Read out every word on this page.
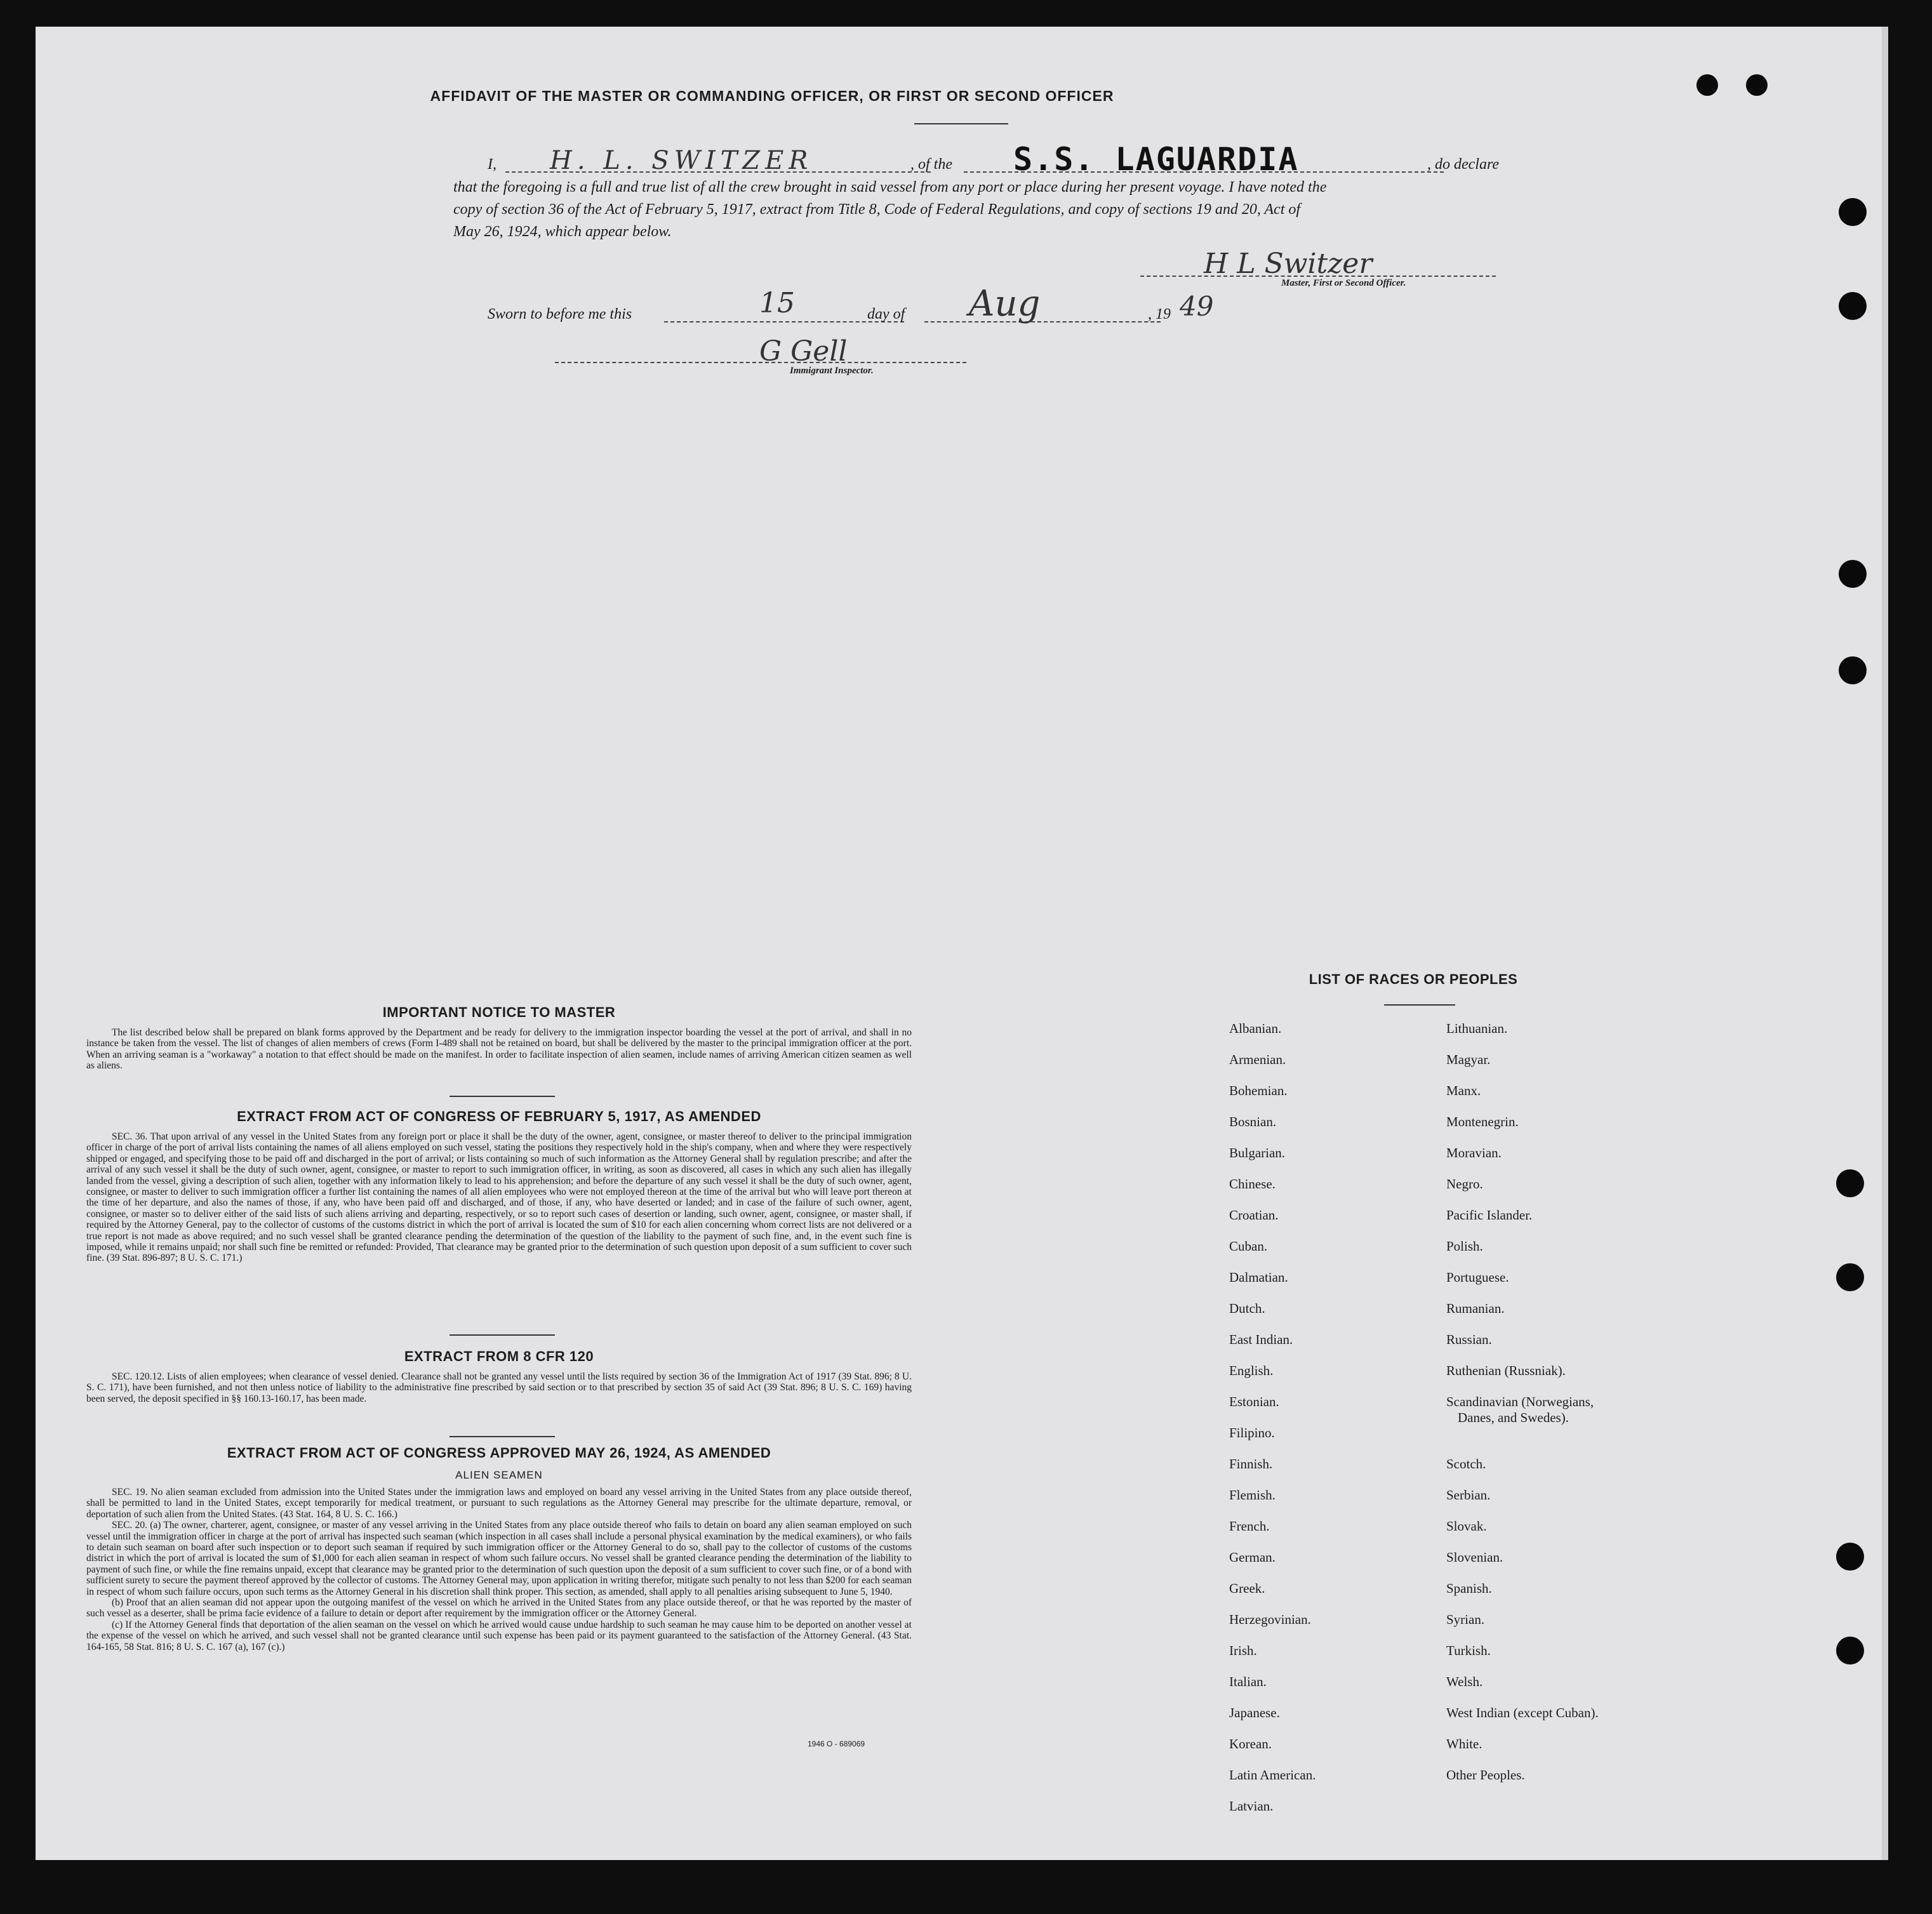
AFFIDAVIT OF THE MASTER OR COMMANDING OFFICER, OR FIRST OR SECOND OFFICER
I, H. L. SWITZER	, of the S.S. LAGUARDIA	, do declare
that the foregoing is a full and true list of all the crew brought in said vessel from any port or place during her present voyage. I have noted the
copy of section 36 of the Act of February 5, 1917, extract from Title 8, Code of Federal Regulations, and copy of sections 19 and 20, Act of
May 26, 1924, which appear below.
H L Switzer
Master, First or Second Officer.
Sworn to before me this	15	day of Aug	, 19 49
G Gell
Immigrant Inspector.
IMPORTANT NOTICE TO MASTER
The list described below shall be prepared on blank forms approved by the Department and be ready for delivery to the immigration inspector boarding the vessel at the port of arrival, and shall in no instance be taken from the vessel. The list of changes of alien members of crews (Form I-489 shall not be retained on board, but shall be delivered by the master to the principal immigration officer at the port. When an arriving seaman is a "workaway" a notation to that effect should be made on the manifest. In order to facilitate inspection of alien seamen, include names of arriving American citizen seamen as well as aliens.
EXTRACT FROM ACT OF CONGRESS OF FEBRUARY 5, 1917, AS AMENDED
SEC. 36. That upon arrival of any vessel in the United States from any foreign port or place it shall be the duty of the owner, agent, consignee, or master thereof to deliver to the principal immigration officer in charge of the port of arrival lists containing the names of all aliens employed on such vessel, stating the positions they respectively hold in the ship's company, when and where they were respectively shipped or engaged, and specifying those to be paid off and discharged in the port of arrival; or lists containing so much of such information as the Attorney General shall by regulation prescribe; and after the arrival of any such vessel it shall be the duty of such owner, agent, consignee, or master to report to such immigration officer, in writing, as soon as discovered, all cases in which any such alien has illegally landed from the vessel, giving a description of such alien, together with any information likely to lead to his apprehension; and before the departure of any such vessel it shall be the duty of such owner, agent, consignee, or master to deliver to such immigration officer a further list containing the names of all alien employees who were not employed thereon at the time of the arrival but who will leave port thereon at the time of her departure, and also the names of those, if any, who have been paid off and discharged, and of those, if any, who have deserted or landed; and in case of the failure of such owner, agent, consignee, or master so to deliver either of the said lists of such aliens arriving and departing, respectively, or so to report such cases of desertion or landing, such owner, agent, consignee, or master shall, if required by the Attorney General, pay to the collector of customs of the customs district in which the port of arrival is located the sum of $10 for each alien concerning whom correct lists are not delivered or a true report is not made as above required; and no such vessel shall be granted clearance pending the determination of the question of the liability to the payment of such fine, and, in the event such fine is imposed, while it remains unpaid; nor shall such fine be remitted or refunded: Provided, That clearance may be granted prior to the determination of such question upon deposit of a sum sufficient to cover such fine. (39 Stat. 896-897; 8 U. S. C. 171.)
EXTRACT FROM 8 CFR 120
SEC. 120.12. Lists of alien employees; when clearance of vessel denied. Clearance shall not be granted any vessel until the lists required by section 36 of the Immigration Act of 1917 (39 Stat. 896; 8 U. S. C. 171), have been furnished, and not then unless notice of liability to the administrative fine prescribed by said section or to that prescribed by section 35 of said Act (39 Stat. 896; 8 U. S. C. 169) having been served, the deposit specified in §§ 160.13-160.17, has been made.
EXTRACT FROM ACT OF CONGRESS APPROVED MAY 26, 1924, AS AMENDED
ALIEN SEAMEN
SEC. 19. No alien seaman excluded from admission into the United States under the immigration laws and employed on board any vessel arriving in the United States from any place outside thereof, shall be permitted to land in the United States, except temporarily for medical treatment, or pursuant to such regulations as the Attorney General may prescribe for the ultimate departure, removal, or deportation of such alien from the United States. (43 Stat. 164, 8 U. S. C. 166.)
SEC. 20. (a) The owner, charterer, agent, consignee, or master of any vessel arriving in the United States from any place outside thereof who fails to detain on board any alien seaman employed on such vessel until the immigration officer in charge at the port of arrival has inspected such seaman (which inspection in all cases shall include a personal physical examination by the medical examiners), or who fails to detain such seaman on board after such inspection or to deport such seaman if required by such immigration officer or the Attorney General to do so, shall pay to the collector of customs of the customs district in which the port of arrival is located the sum of $1,000 for each alien seaman in respect of whom such failure occurs. No vessel shall be granted clearance pending the determination of the liability to payment of such fine, or while the fine remains unpaid, except that clearance may be granted prior to the determination of such question upon the deposit of a sum sufficient to cover such fine, or of a bond with sufficient surety to secure the payment thereof approved by the collector of customs. The Attorney General may, upon application in writing therefor, mitigate such penalty to not less than $200 for each seaman in respect of whom such failure occurs, upon such terms as the Attorney General in his discretion shall think proper. This section, as amended, shall apply to all penalties arising subsequent to June 5, 1940.
(b) Proof that an alien seaman did not appear upon the outgoing manifest of the vessel on which he arrived in the United States from any place outside thereof, or that he was reported by the master of such vessel as a deserter, shall be prima facie evidence of a failure to detain or deport after requirement by the immigration officer or the Attorney General.
(c) If the Attorney General finds that deportation of the alien seaman on the vessel on which he arrived would cause undue hardship to such seaman he may cause him to be deported on another vessel at the expense of the vessel on which he arrived, and such vessel shall not be granted clearance until such expense has been paid or its payment guaranteed to the satisfaction of the Attorney General. (43 Stat. 164-165, 58 Stat. 816; 8 U. S. C. 167 (a), 167 (c).)
1946 O - 689069
LIST OF RACES OR PEOPLES
Albanian.
Armenian.
Bohemian.
Bosnian.
Bulgarian.
Chinese.
Croatian.
Cuban.
Dalmatian.
Dutch.
East Indian.
English.
Estonian.
Filipino.
Finnish.
Flemish.
French.
German.
Greek.
Herzegovinian.
Irish.
Italian.
Japanese.
Korean.
Latin American.
Latvian.
Lithuanian.
Magyar.
Manx.
Montenegrin.
Moravian.
Negro.
Pacific Islander.
Polish.
Portuguese.
Rumanian.
Russian.
Ruthenian (Russniak).
Scandinavian (Norwegians,
Danes, and Swedes).
Scotch.
Serbian.
Slovak.
Slovenian.
Spanish.
Syrian.
Turkish.
Welsh.
West Indian (except Cuban).
White.
Other Peoples.
